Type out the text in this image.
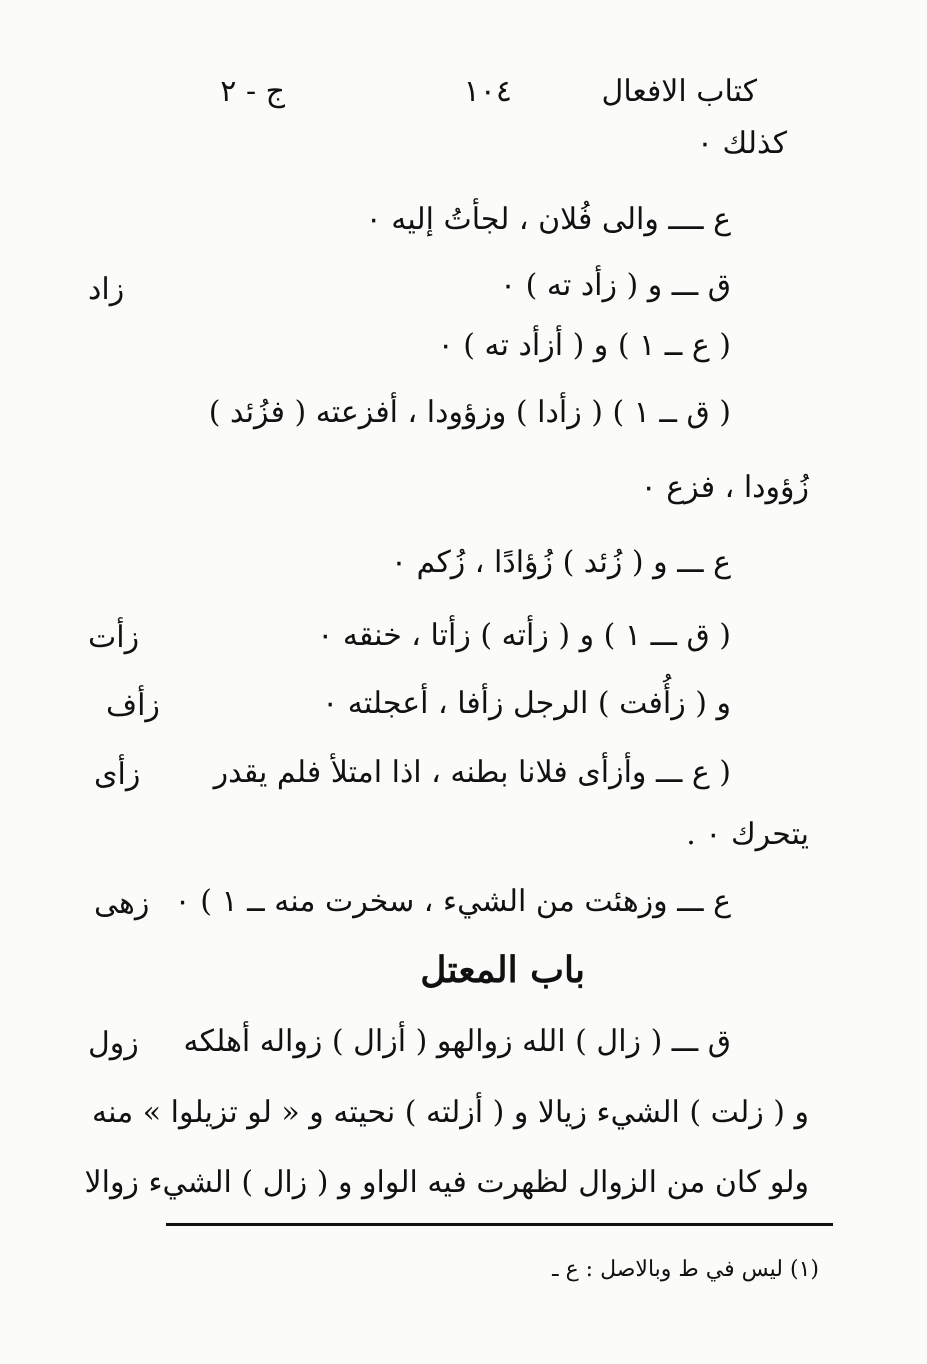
كتاب الافعال
١٠٤
ج - ٢
كذلك ٠
ع ــــ والى فُلان ، لجأتُ إليه ٠
ق ـــ و ( زأد ته ) ٠
( ع ــ ١ ) و ( أزأد ته ) ٠
( ق ــ ١ ) ( زأدا ) وزؤودا ، أفزعته ( فزُئد )
زُؤودا ، فزع ٠
ع ـــ و ( زُئد ) زُؤادًا ، زُكم ٠
( ق ـــ ١ ) و ( زأته ) زأتا ، خنقه ٠
و ( زأُفت ) الرجل زأفا ، أعجلته ٠
( ع ـــ وأزأى فلانا بطنه ، اذا امتلأ فلم يقدر
يتحرك ٠ .
ع ـــ وزهئت من الشيء ، سخرت منه ــ ١ ) ٠
باب المعتل
ق ـــ ( زال ) الله زوالهو ( أزال ) زواله أهلكه
و ( زلت ) الشيء زيالا و ( أزلته ) نحيته و « لو تزيلوا » منه
ولو كان من الزوال لظهرت فيه الواو و ( زال ) الشيء زوالا
زاد
زأت
زأف
زأى
زهى
زول
(١) ليس في ط وبالاصل : ع ـ
